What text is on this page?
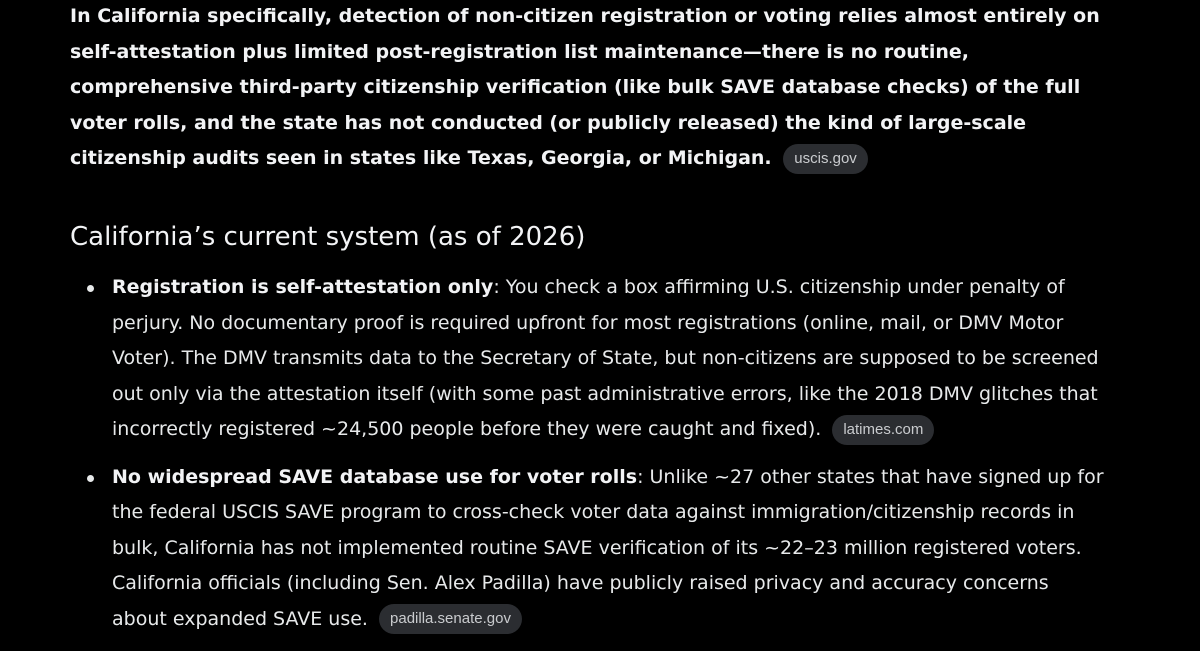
In California specifically, detection of non-citizen registration or voting relies almost entirely on self-attestation plus limited post-registration list maintenance—there is no routine, comprehensive third-party citizenship verification (like bulk SAVE database checks) of the full voter rolls, and the state has not conducted (or publicly released) the kind of large-scale citizenship audits seen in states like Texas, Georgia, or Michigan. uscis.gov

California’s current system (as of 2026)
Registration is self-attestation only: You check a box affirming U.S. citizenship under penalty of perjury. No documentary proof is required upfront for most registrations (online, mail, or DMV Motor Voter). The DMV transmits data to the Secretary of State, but non-citizens are supposed to be screened out only via the attestation itself (with some past administrative errors, like the 2018 DMV glitches that incorrectly registered ~24,500 people before they were caught and fixed). latimes.com
No widespread SAVE database use for voter rolls: Unlike ~27 other states that have signed up for the federal USCIS SAVE program to cross-check voter data against immigration/citizenship records in bulk, California has not implemented routine SAVE verification of its ~22–23 million registered voters. California officials (including Sen. Alex Padilla) have publicly raised privacy and accuracy concerns about expanded SAVE use. padilla.senate.gov
